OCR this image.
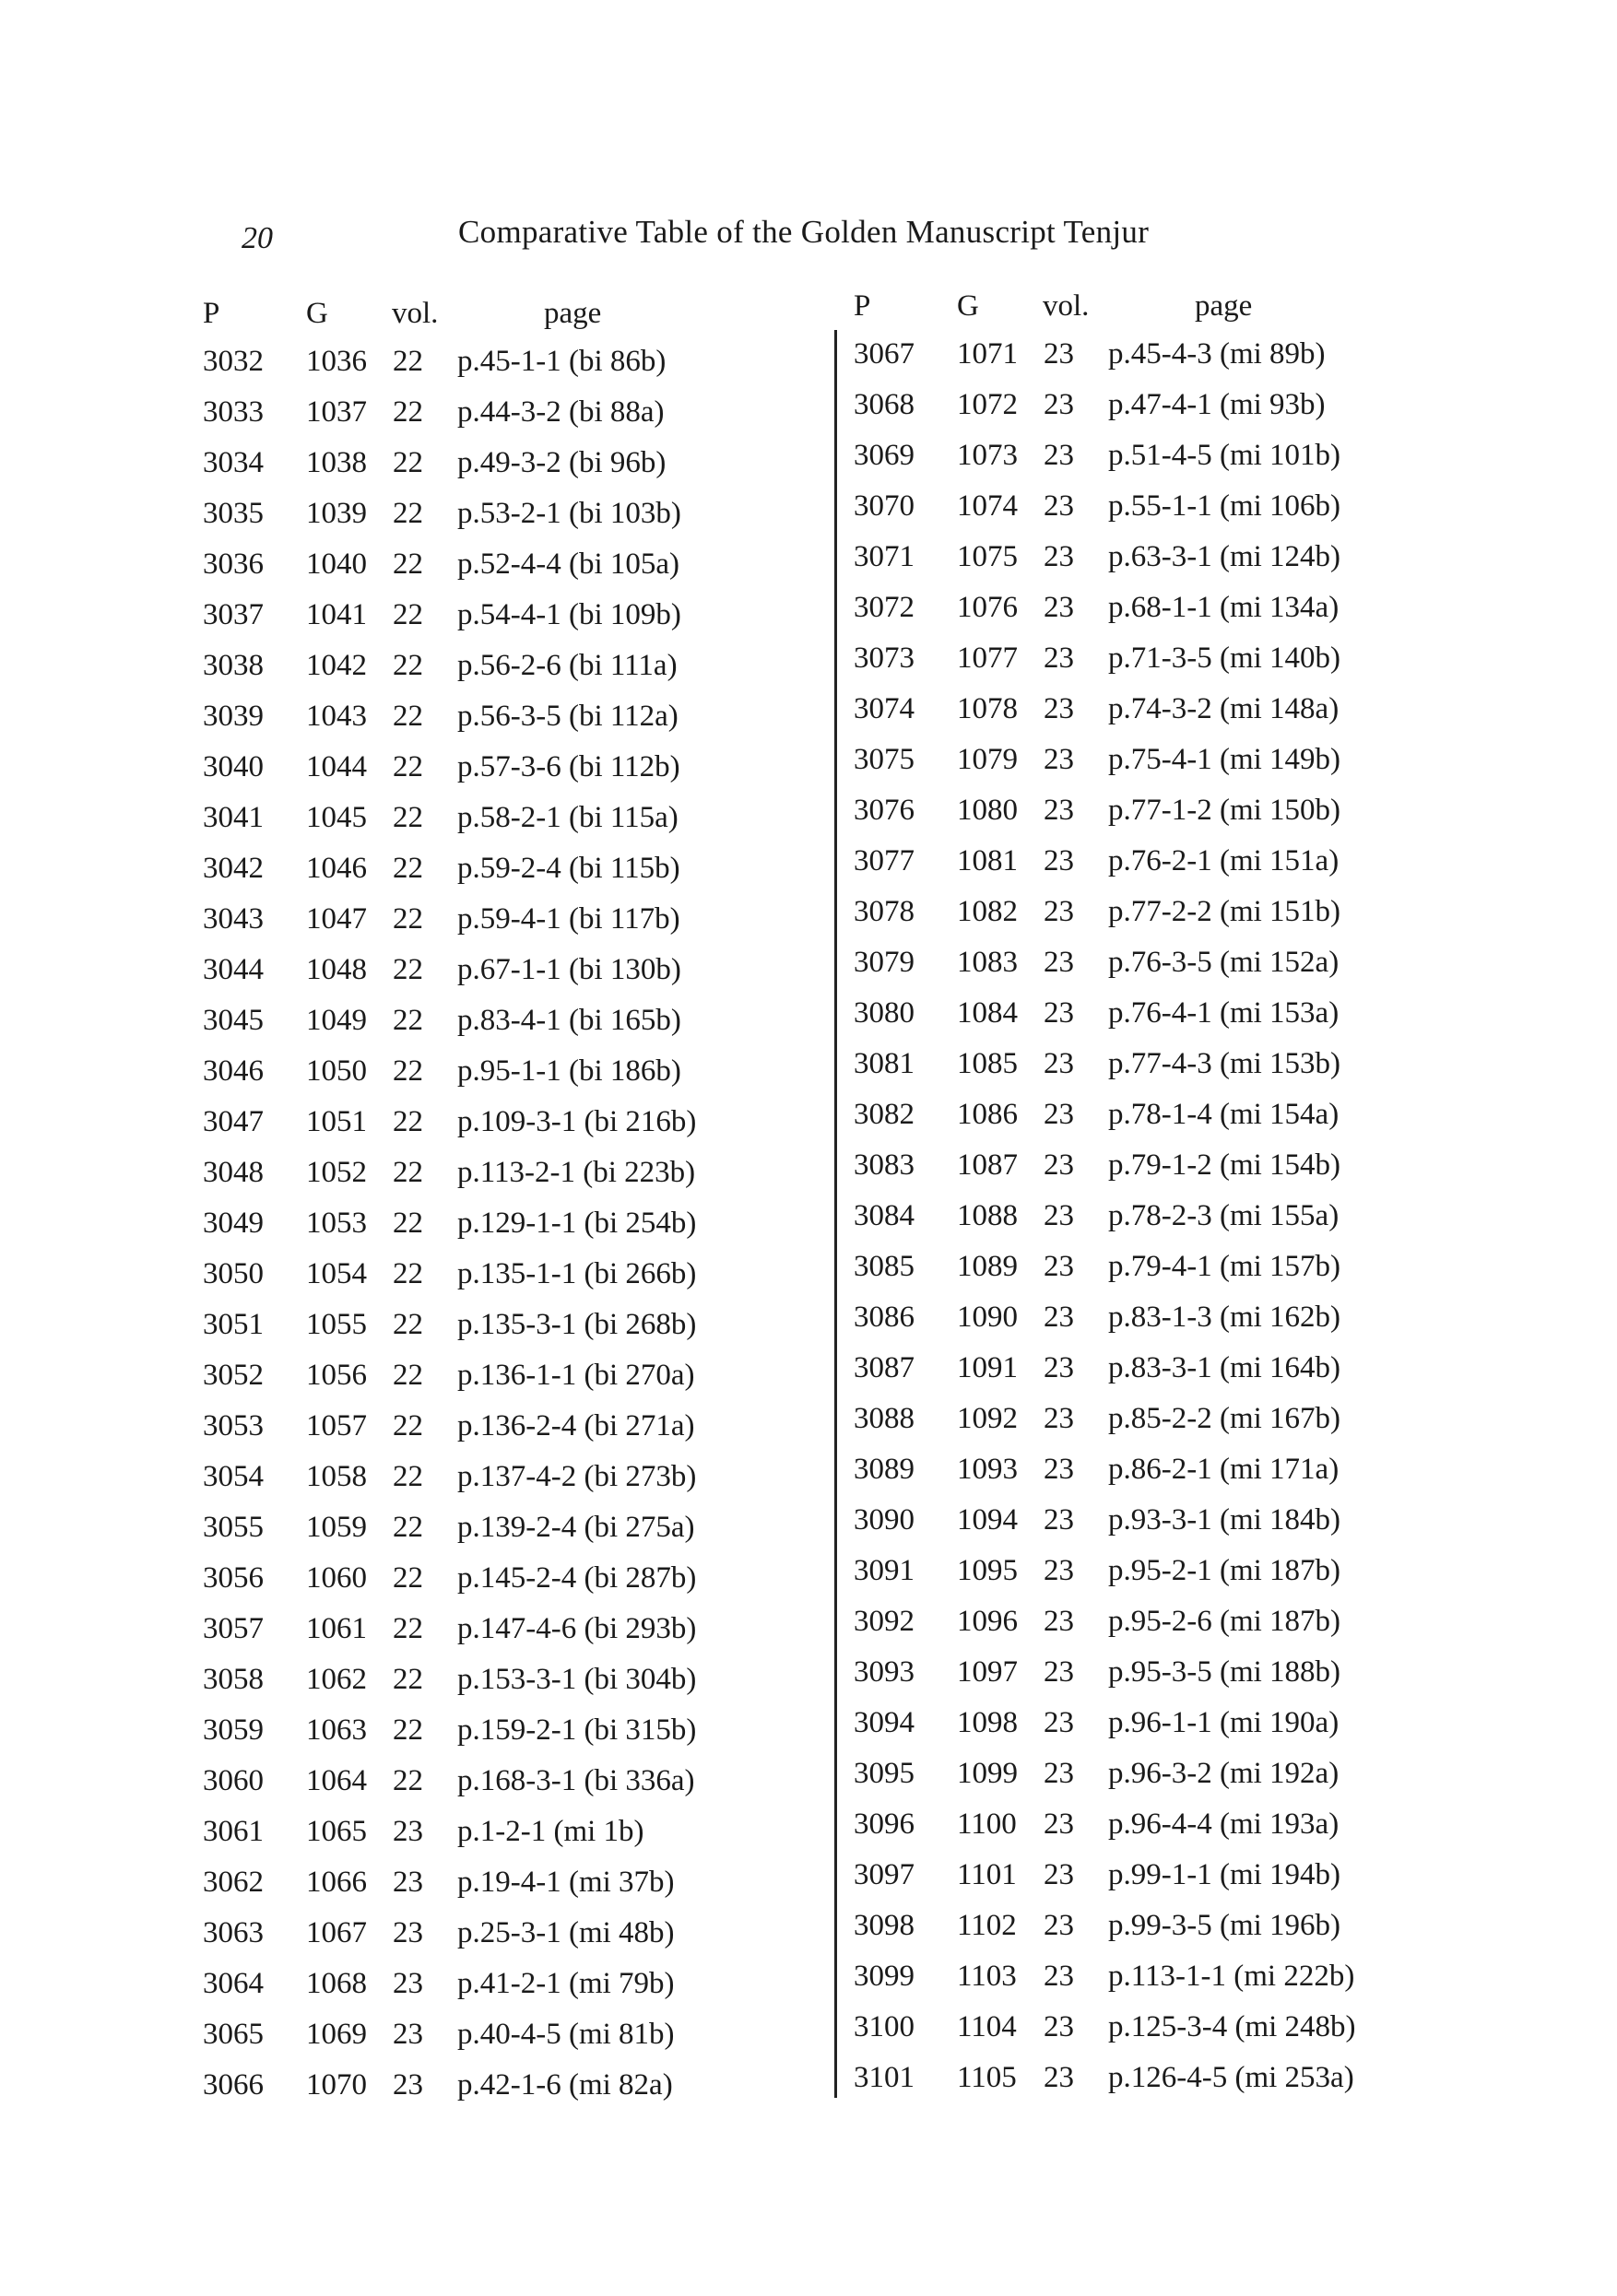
20	Comparative Table of the Golden Manuscript Tenjur
P	G vol.	page
3032 1036 22 p.45-1-1 (bi 86b)
3033 1037 22 p.44-3-2 (bi 88a)
3034 1038 22 p.49-3-2 (bi 96b)
3035 1039 22 p.53-2-1 (bi 103b)
3036 1040 22 p.52-4-4 (bi 105a)
3037 1041 22 p.54-4-1 (bi 109b)
3038 1042 22 p.56-2-6 (bi 111a)
3039 1043 22 p.56-3-5 (bi 112a)
3040 1044 22 p.57-3-6 (bi 112b)
3041 1045 22 p.58-2-1 (bi 115a)
3042 1046 22 p.59-2-4 (bi 115b)
3043 1047 22 p.59-4-1 (bi 117b)
3044 1048 22 p.67-1-1 (bi 130b)
3045 1049 22 p.83-4-1 (bi 165b)
3046 1050 22 p.95-1-1 (bi 186b)
3047 1051 22 p.109-3-1 (bi 216b)
3048 1052 22 p.113-2-1 (bi 223b)
3049 1053 22 p.129-1-1 (bi 254b)
3050 1054 22 p.135-1-1 (bi 266b)
3051 1055 22 p.135-3-1 (bi 268b)
3052 1056 22 p.136-1-1 (bi 270a)
3053 1057 22 p.136-2-4 (bi 271a)
3054 1058 22 p.137-4-2 (bi 273b)
3055 1059 22 p.139-2-4 (bi 275a)
3056 1060 22 p.145-2-4 (bi 287b)
3057 1061 22 p.147-4-6 (bi 293b)
3058 1062 22 p.153-3-1 (bi 304b)
3059 1063 22 p.159-2-1 (bi 315b)
3060 1064 22 p.168-3-1 (bi 336a)
3061 1065 23 p.1-2-1 (mi 1b)
3062 1066 23 p.19-4-1 (mi 37b)
3063 1067 23 p.25-3-1 (mi 48b)
3064 1068 23 p.41-2-1 (mi 79b)
3065 1069 23 p.40-4-5 (mi 81b)
3066 1070 23 p.42-1-6 (mi 82a)
P	G vol.	page
3067 1071 23 p.45-4-3 (mi 89b)
3068 1072 23 p.47-4-1 (mi 93b)
3069 1073 23 p.51-4-5 (mi 101b)
3070 1074 23 p.55-1-1 (mi 106b)
3071 1075 23 p.63-3-1 (mi 124b)
3072 1076 23 p.68-1-1 (mi 134a)
3073 1077 23 p.71-3-5 (mi 140b)
3074 1078 23 p.74-3-2 (mi 148a)
3075 1079 23 p.75-4-1 (mi 149b)
3076 1080 23 p.77-1-2 (mi 150b)
3077 1081 23 p.76-2-1 (mi 151a)
3078 1082 23 p.77-2-2 (mi 151b)
3079 1083 23 p.76-3-5 (mi 152a)
3080 1084 23 p.76-4-1 (mi 153a)
3081 1085 23 p.77-4-3 (mi 153b)
3082 1086 23 p.78-1-4 (mi 154a)
3083 1087 23 p.79-1-2 (mi 154b)
3084 1088 23 p.78-2-3 (mi 155a)
3085 1089 23 p.79-4-1 (mi 157b)
3086 1090 23 p.83-1-3 (mi 162b)
3087 1091 23 p.83-3-1 (mi 164b)
3088 1092 23 p.85-2-2 (mi 167b)
3089 1093 23 p.86-2-1 (mi 171a)
3090 1094 23 p.93-3-1 (mi 184b)
3091 1095 23 p.95-2-1 (mi 187b)
3092 1096 23 p.95-2-6 (mi 187b)
3093 1097 23 p.95-3-5 (mi 188b)
3094 1098 23 p.96-1-1 (mi 190a)
3095 1099 23 p.96-3-2 (mi 192a)
3096 1100 23 p.96-4-4 (mi 193a)
3097 1101 23 p.99-1-1 (mi 194b)
3098 1102 23 p.99-3-5 (mi 196b)
3099 1103 23 p.113-1-1 (mi 222b)
3100 1104 23 p.125-3-4 (mi 248b)
3101 1105 23 p.126-4-5 (mi 253a)
